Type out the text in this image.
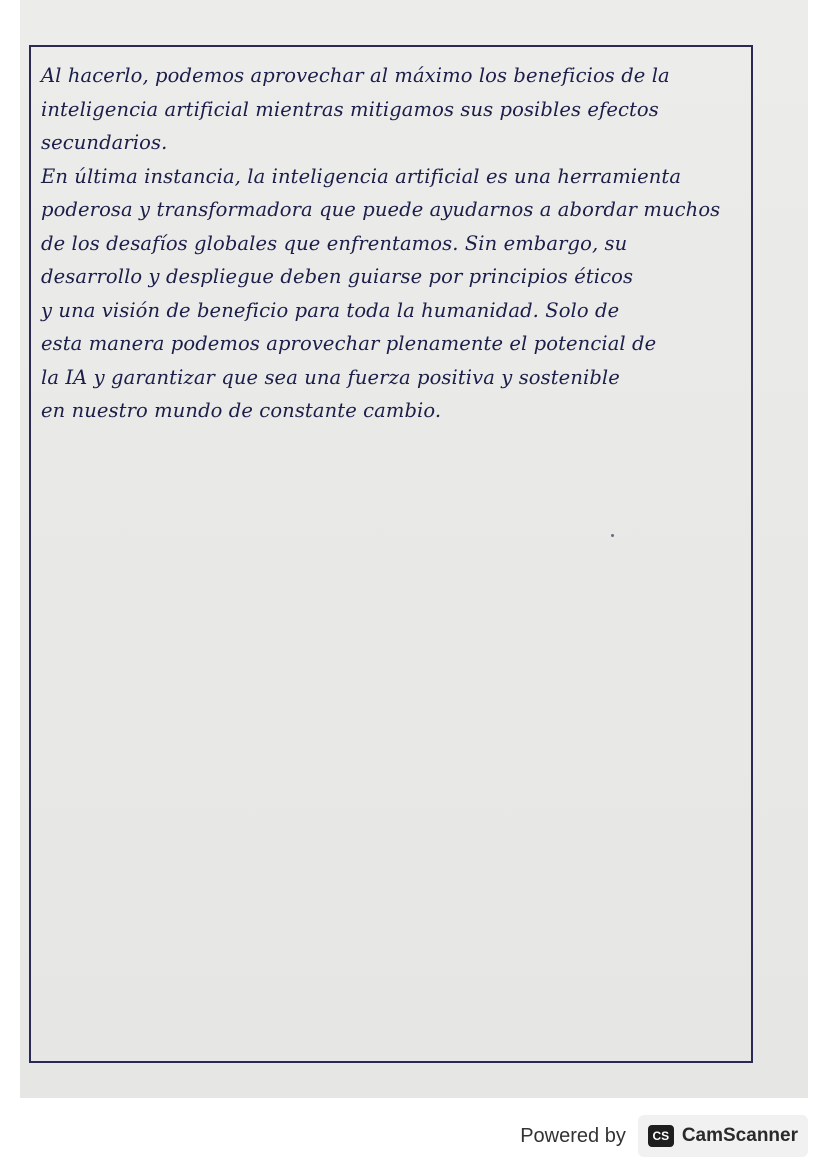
Al hacerlo, podemos aprovechar al máximo los beneficios de la
inteligencia artificial mientras mitigamos sus posibles efectos
secundarios.
En última instancia, la inteligencia artificial es una herramienta
poderosa y transformadora que puede ayudarnos a abordar muchos
de los desafíos globales que enfrentamos. Sin embargo, su
desarrollo y despliegue deben guiarse por principios éticos
y una visión de beneficio para toda la humanidad. Solo de
esta manera podemos aprovechar plenamente el potencial de
la IA y garantizar que sea una fuerza positiva y sostenible
en nuestro mundo de constante cambio.
Powered by	CS CamScanner
